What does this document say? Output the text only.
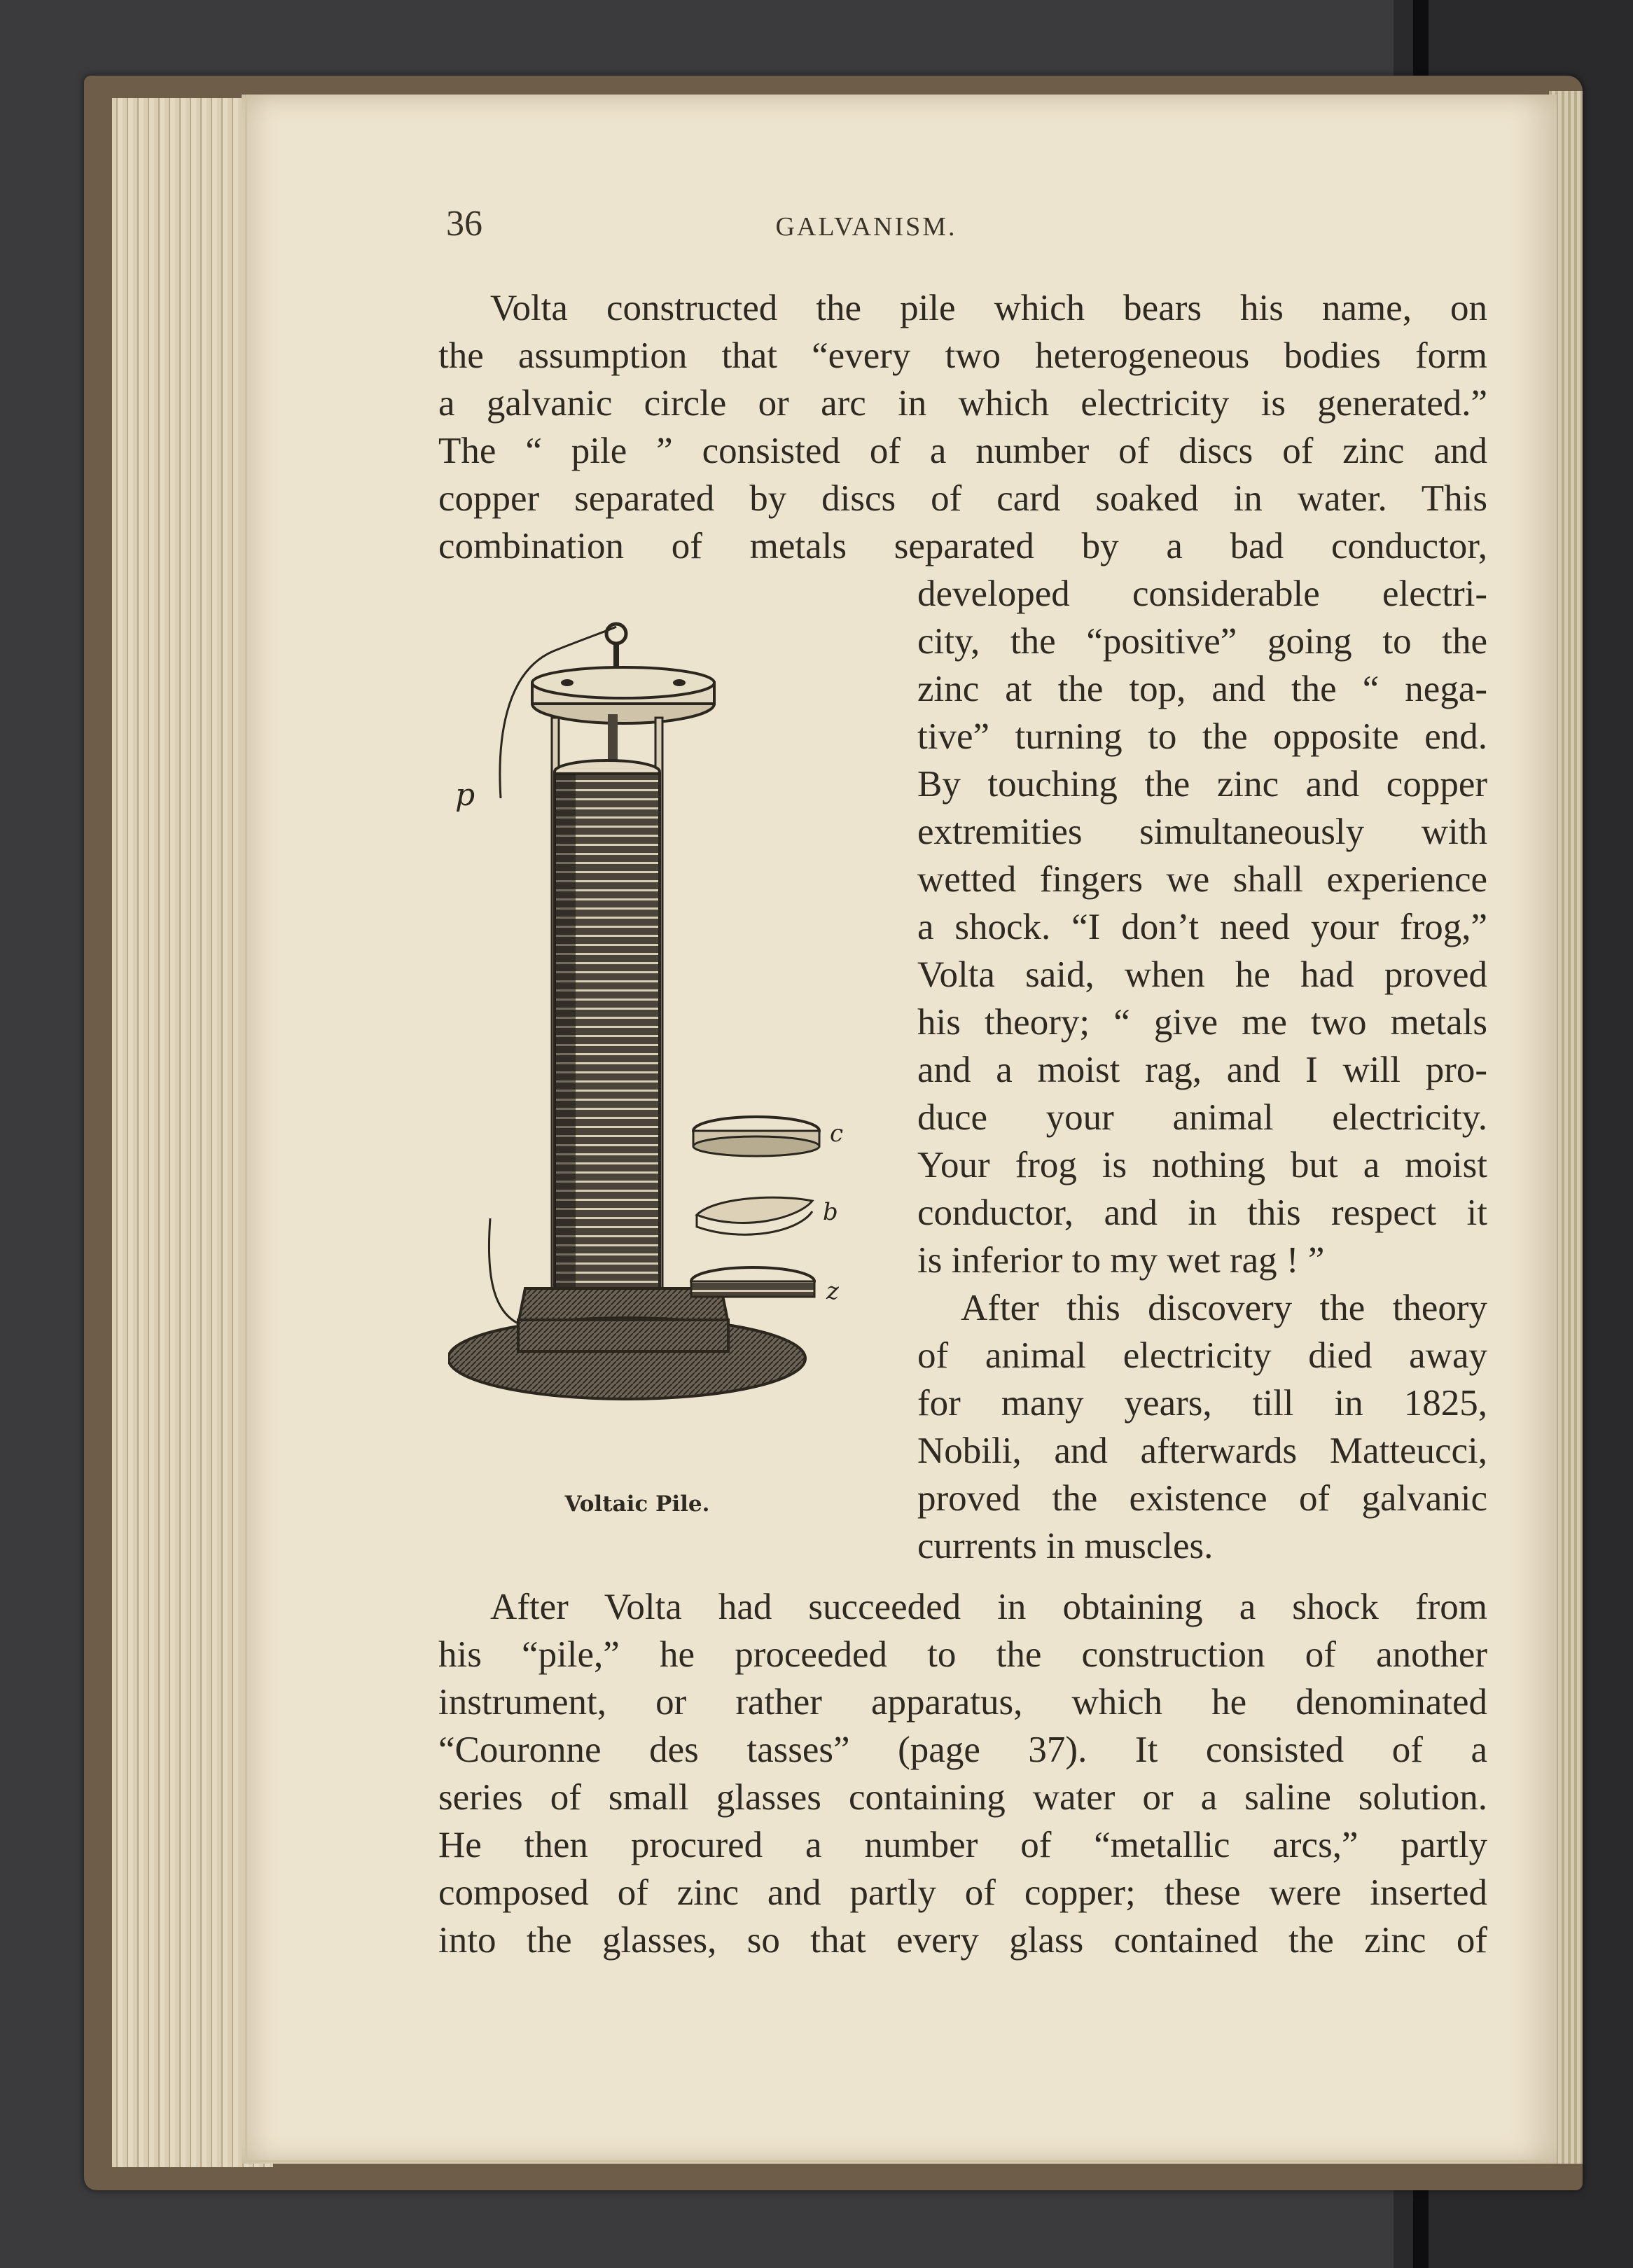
36	GALVANISM.
Volta constructed the pile which bears his name, on
the assumption that “every two heterogeneous bodies form
a galvanic circle or arc in which electricity is generated.”
The “ pile ” consisted of a number of discs of zinc and
copper separated by discs of card soaked in water. This
combination of metals separated by a bad conductor,
developed considerable electri-
city, the “positive” going to the
zinc at the top, and the “ nega-
tive” turning to the opposite end.
By touching the zinc and copper
extremities simultaneously with
wetted fingers we shall experience
a shock. “I don’t need your frog,”
Volta said, when he had proved
his theory; “ give me two metals
and a moist rag, and I will pro-
duce your animal electricity.
Your frog is nothing but a moist
conductor, and in this respect it
is inferior to my wet rag ! ”
After this discovery the theory
of animal electricity died away
for many years, till in 1825,
Nobili, and afterwards Matteucci,
proved the existence of galvanic
currents in muscles.
After Volta had succeeded in obtaining a shock from
his “pile,” he proceeded to the construction of another
instrument, or rather apparatus, which he denominated
“Couronne des tasses” (page 37). It consisted of a
series of small glasses containing water or a saline solution.
He then procured a number of “metallic arcs,” partly
composed of zinc and partly of copper; these were inserted
into the glasses, so that every glass contained the zinc of
p
c
b
z
Voltaic Pile.
